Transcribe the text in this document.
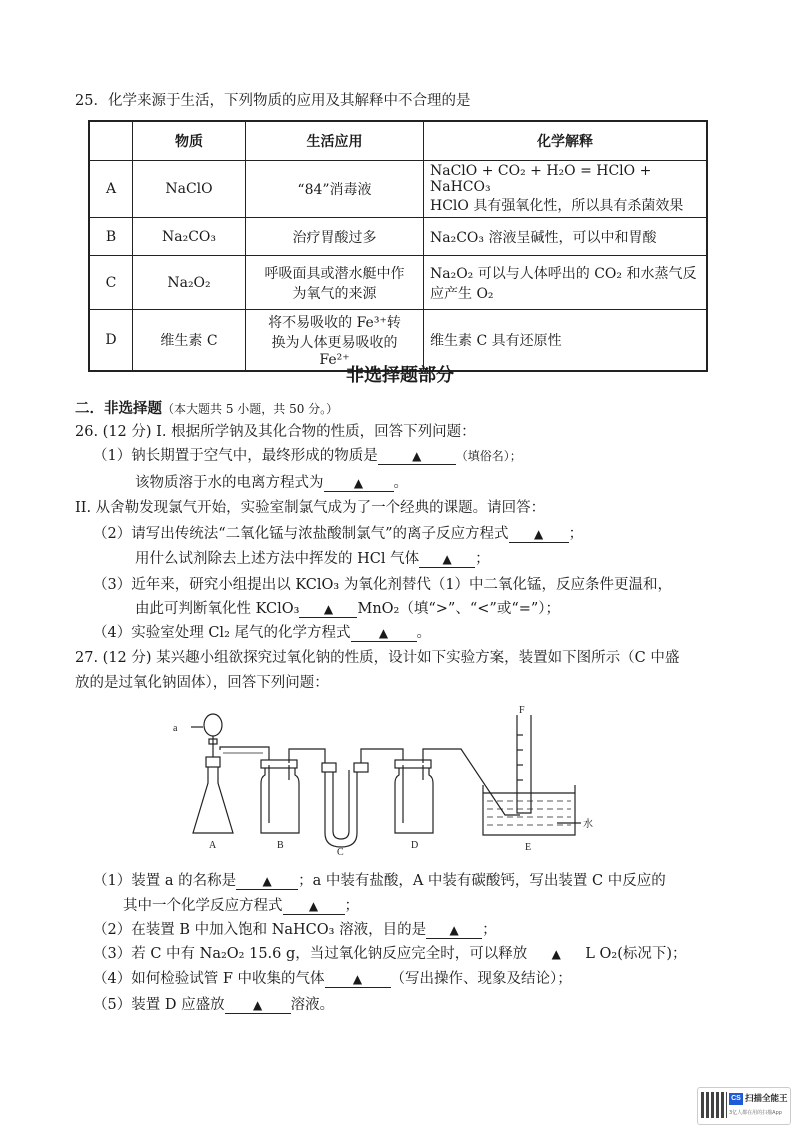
25．化学来源于生活，下列物质的应用及其解释中不合理的是
	物质	生活应用	化学解释
A	NaClO	“84”消毒液	NaClO + CO₂ + H₂O = HClO + NaHCO₃
HClO 具有强氧化性，所以具有杀菌效果

B	Na₂CO₃	治疗胃酸过多	Na₂CO₃ 溶液呈碱性，可以中和胃酸

C	Na₂O₂	呼吸面具或潜水艇中作为氧气的来源	Na₂O₂ 可以与人体呼出的 CO₂ 和水蒸气反
应产生 O₂

D	维生素 C	将不易吸收的 Fe³⁺转换为人体更易吸收的 Fe²⁺	维生素 C 具有还原性
非选择题部分
二．非选择题（本大题共 5 小题，共 50 分。）
26. (12 分) I. 根据所学钠及其化合物的性质，回答下列问题：
（1）钠长期置于空气中，最终形成的物质是	▲	（填俗名）；
该物质溶于水的电离方程式为	▲ 。
II. 从舍勒发现氯气开始，实验室制氯气成为了一个经典的课题。请回答：
（2）请写出传统法“二氧化锰与浓盐酸制氯气”的离子反应方程式 ▲ ；
用什么试剂除去上述方法中挥发的 HCl 气体 ▲ ；
（3）近年来，研究小组提出以 KClO₃ 为氧化剂替代（1）中二氧化锰，反应条件更温和，
由此可判断氧化性 KClO₃ ▲ MnO₂（填“>”、“<”或“=”）；
（4）实验室处理 Cl₂ 尾气的化学方程式 ▲ 。
27. (12 分) 某兴趣小组欲探究过氧化钠的性质，设计如下实验方案，装置如下图所示（C 中盛
放的是过氧化钠固体），回答下列问题：
a
A	B
C
D	E
F
水
（1）装置 a 的名称是 ▲ ；a 中装有盐酸，A 中装有碳酸钙，写出装置 C 中反应的
其中一个化学反应方程式 ▲ ；
（2）在装置 B 中加入饱和 NaHCO₃ 溶液，目的是 ▲ ；
（3）若 C 中有 Na₂O₂ 15.6 g，当过氧化钠反应完全时，可以释放 ▲ L O₂(标况下)；
（4）如何检验试管 F 中收集的气体 ▲ （写出操作、现象及结论）；
（5）装置 D 应盛放 ▲ 溶液。
CS 扫描全能王
3亿人都在用的扫描App
